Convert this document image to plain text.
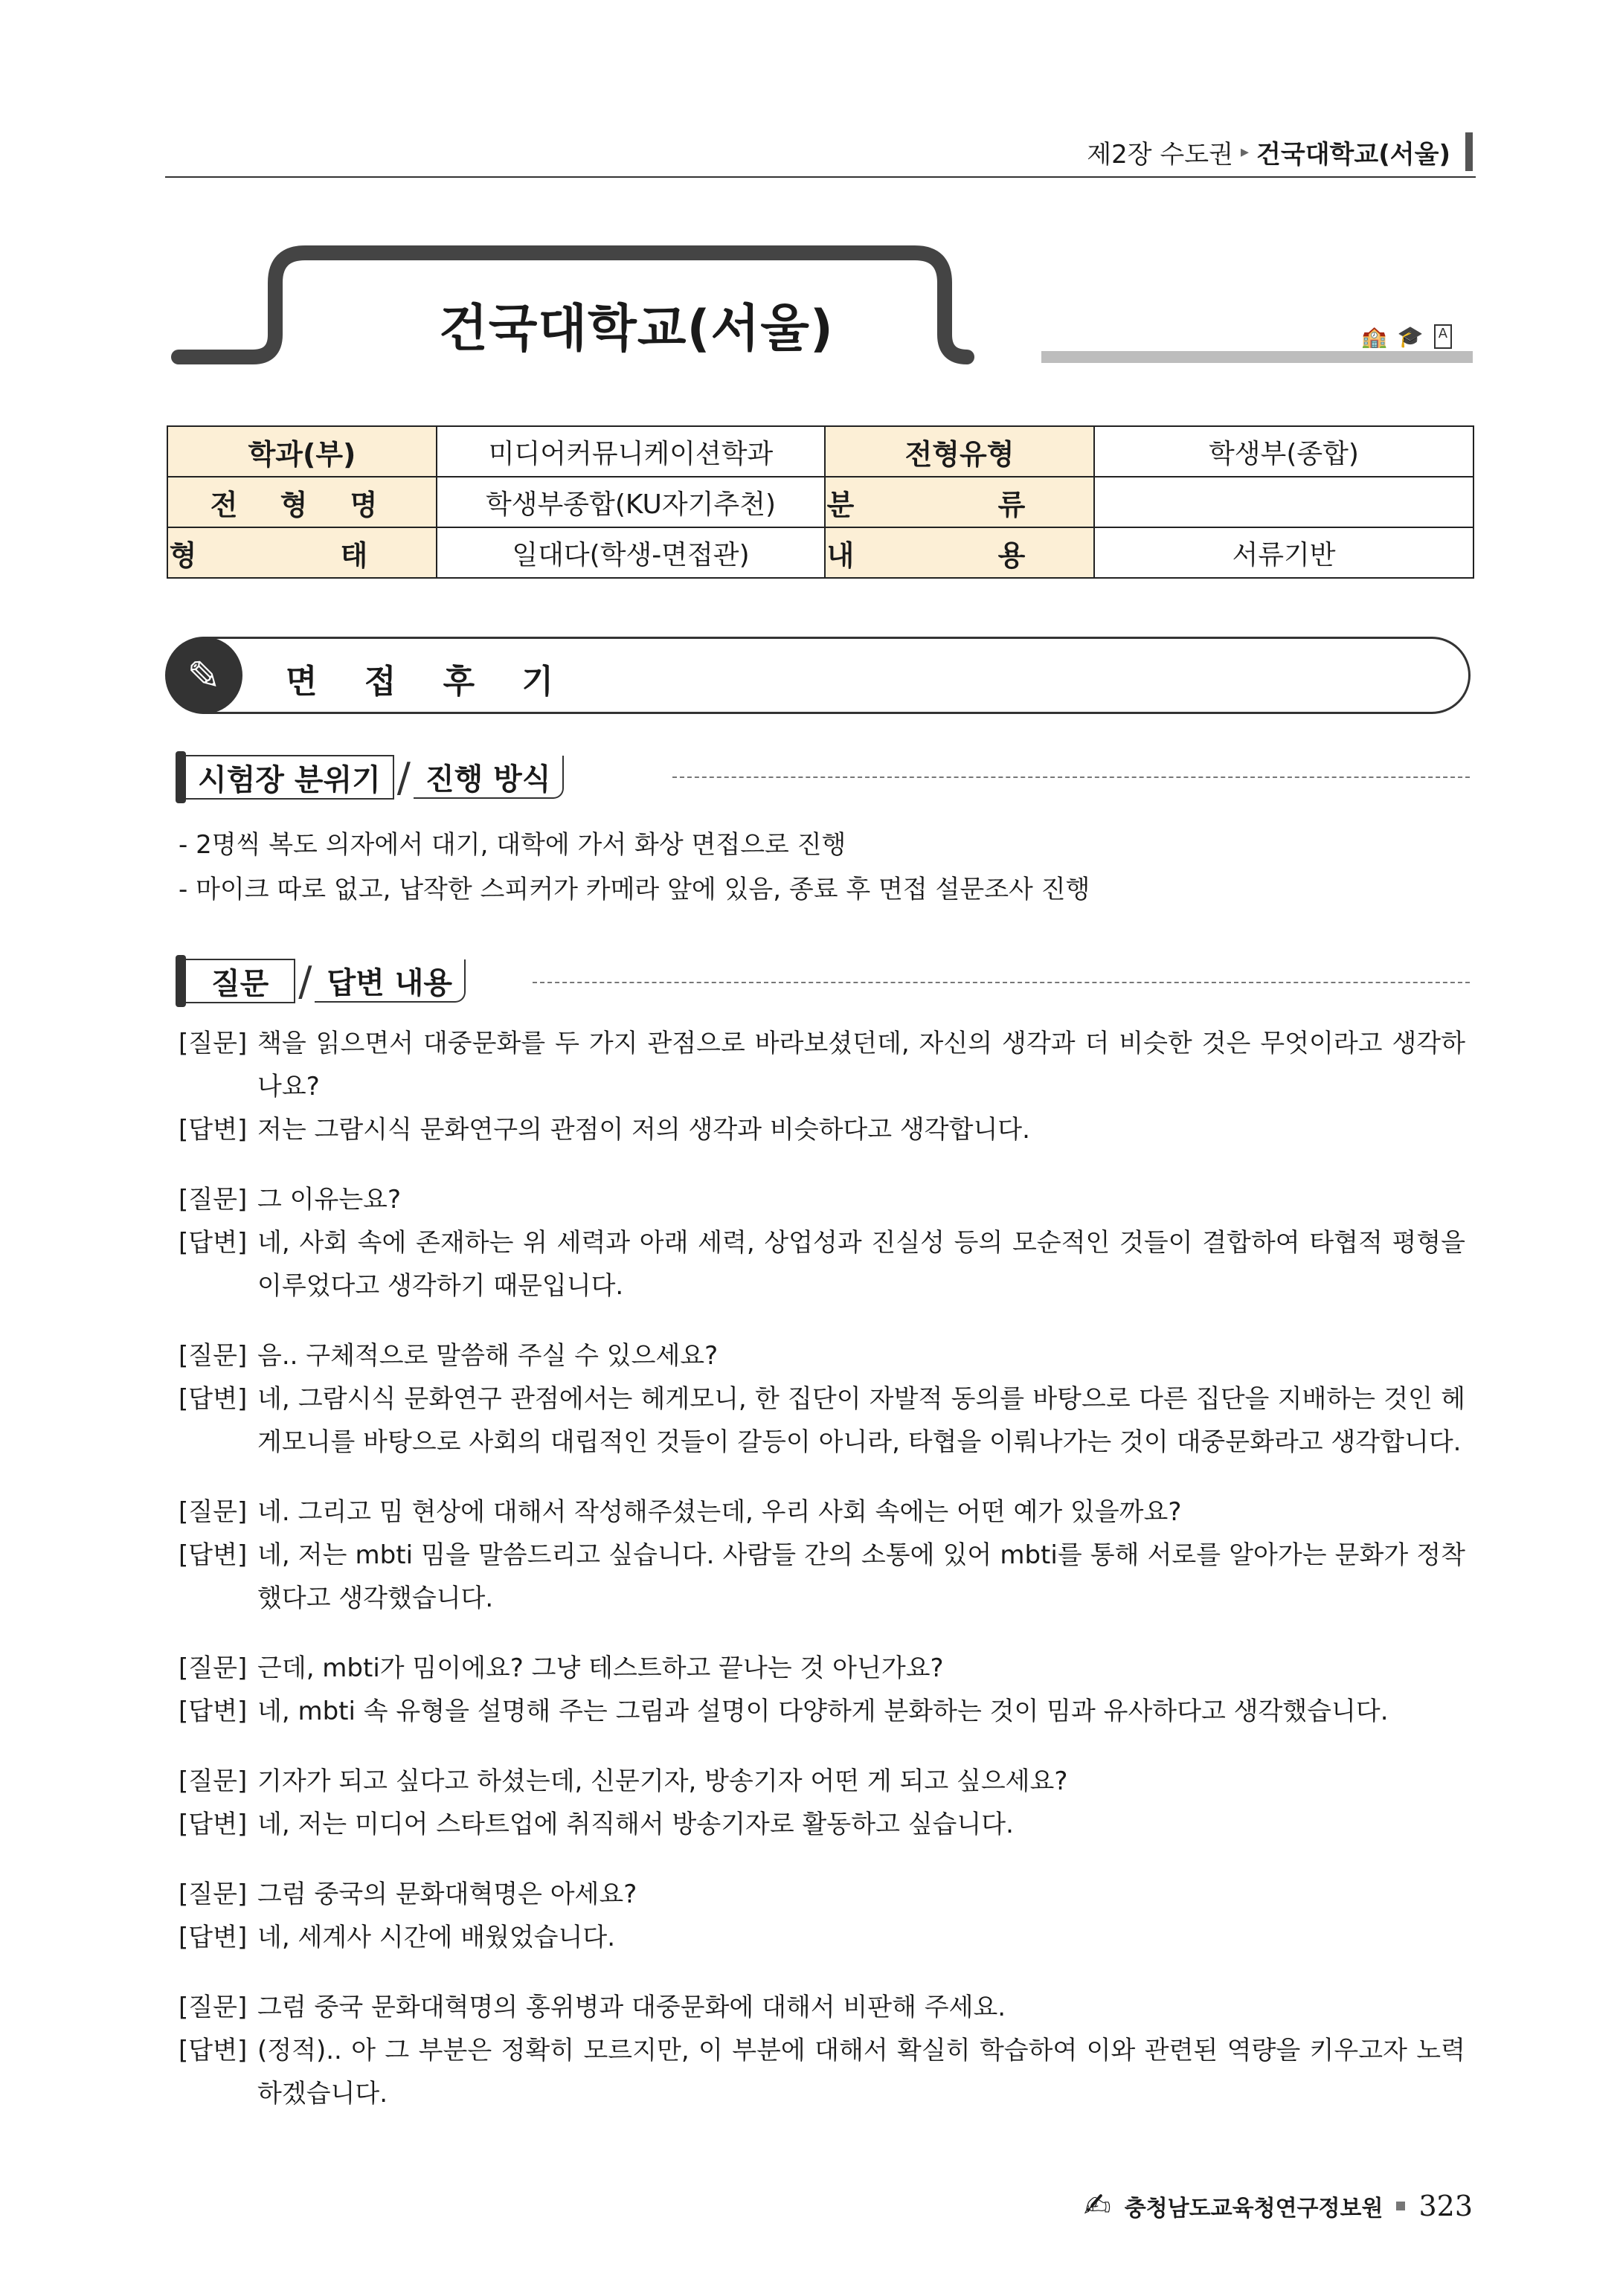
제2장 수도권 ▸ 건국대학교(서울)
건국대학교(서울)	🏫 🎓	A
학과(부)	미디어커뮤니케이션학과	전형유형	학생부(종합)
전 형 명	학생부종합(KU자기추천)	분 류	
형 태	일대다(학생-면접관)	내 용	서류기반
✎	면 접 후 기
시험장 분위기 / 진행 방식
- 2명씩 복도 의자에서 대기, 대학에 가서 화상 면접으로 진행
- 마이크 따로 없고, 납작한 스피커가 카메라 앞에 있음, 종료 후 면접 설문조사 진행
질문 / 답변 내용
[질문] 책을 읽으면서 대중문화를 두 가지 관점으로 바라보셨던데, 자신의 생각과 더 비슷한 것은 무엇이라고 생각하나요?
[답변] 저는 그람시식 문화연구의 관점이 저의 생각과 비슷하다고 생각합니다.
[질문] 그 이유는요?
[답변] 네, 사회 속에 존재하는 위 세력과 아래 세력, 상업성과 진실성 등의 모순적인 것들이 결합하여 타협적 평형을 이루었다고 생각하기 때문입니다.
[질문] 음.. 구체적으로 말씀해 주실 수 있으세요?
[답변] 네, 그람시식 문화연구 관점에서는 헤게모니, 한 집단이 자발적 동의를 바탕으로 다른 집단을 지배하는 것인 헤게모니를 바탕으로 사회의 대립적인 것들이 갈등이 아니라, 타협을 이뤄나가는 것이 대중문화라고 생각합니다.
[질문] 네. 그리고 밈 현상에 대해서 작성해주셨는데, 우리 사회 속에는 어떤 예가 있을까요?
[답변] 네, 저는 mbti 밈을 말씀드리고 싶습니다. 사람들 간의 소통에 있어 mbti를 통해 서로를 알아가는 문화가 정착했다고 생각했습니다.
[질문] 근데, mbti가 밈이에요? 그냥 테스트하고 끝나는 것 아닌가요?
[답변] 네, mbti 속 유형을 설명해 주는 그림과 설명이 다양하게 분화하는 것이 밈과 유사하다고 생각했습니다.
[질문] 기자가 되고 싶다고 하셨는데, 신문기자, 방송기자 어떤 게 되고 싶으세요?
[답변] 네, 저는 미디어 스타트업에 취직해서 방송기자로 활동하고 싶습니다.
[질문] 그럼 중국의 문화대혁명은 아세요?
[답변] 네, 세계사 시간에 배웠었습니다.
[질문] 그럼 중국 문화대혁명의 홍위병과 대중문화에 대해서 비판해 주세요.
[답변] (정적).. 아 그 부분은 정확히 모르지만, 이 부분에 대해서 확실히 학습하여 이와 관련된 역량을 키우고자 노력하겠습니다.
✍ 충청남도교육청연구정보원 323
